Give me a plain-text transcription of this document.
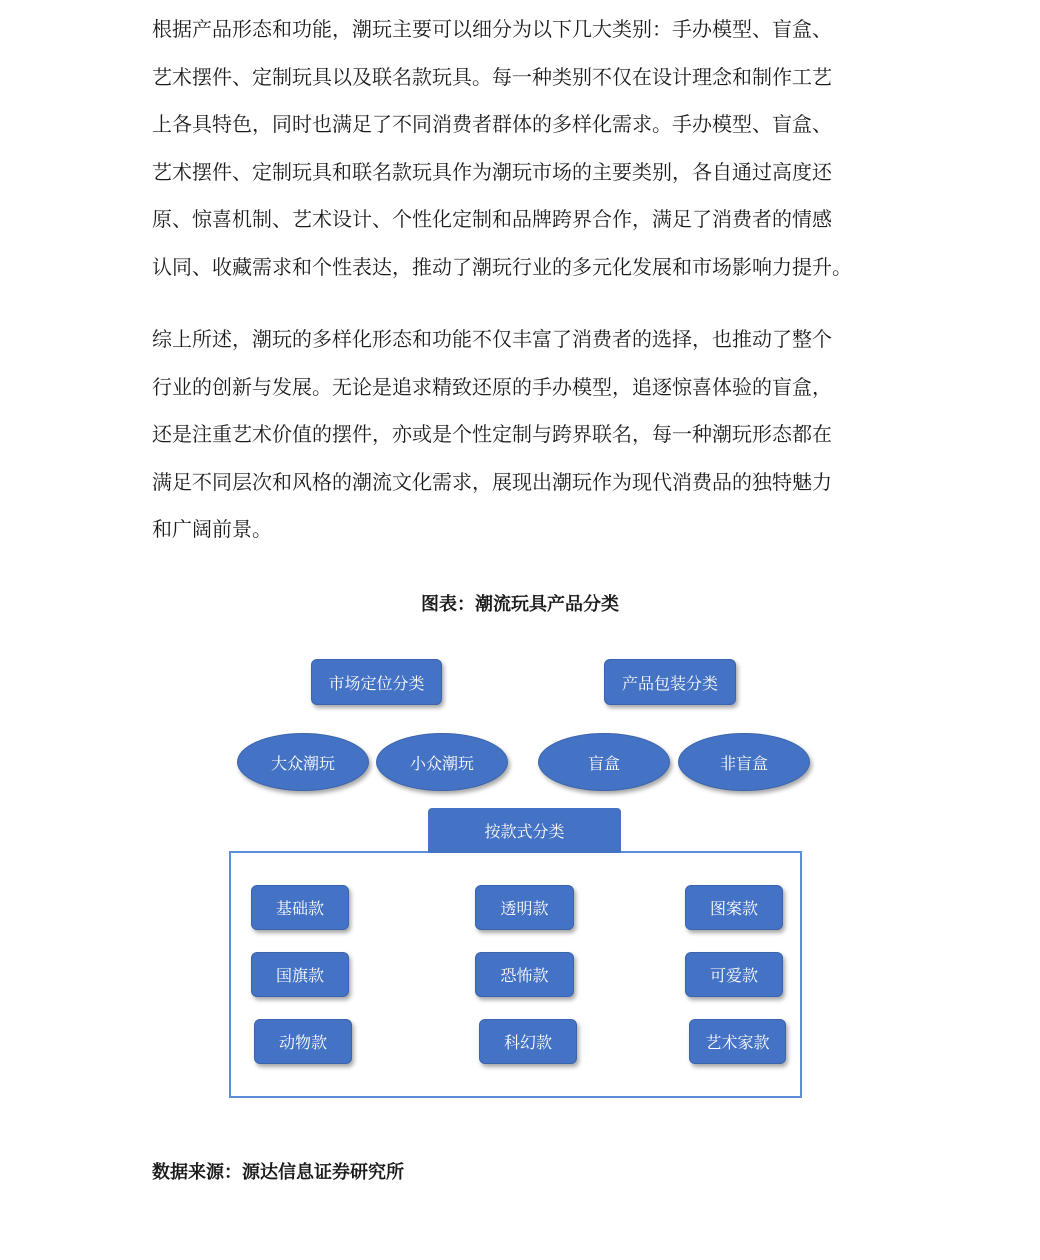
根据产品形态和功能，潮玩主要可以细分为以下几大类别：手办模型、盲盒、
艺术摆件、定制玩具以及联名款玩具。每一种类别不仅在设计理念和制作工艺
上各具特色，同时也满足了不同消费者群体的多样化需求。手办模型、盲盒、
艺术摆件、定制玩具和联名款玩具作为潮玩市场的主要类别，各自通过高度还
原、惊喜机制、艺术设计、个性化定制和品牌跨界合作，满足了消费者的情感
认同、收藏需求和个性表达，推动了潮玩行业的多元化发展和市场影响力提升。
综上所述，潮玩的多样化形态和功能不仅丰富了消费者的选择，也推动了整个
行业的创新与发展。无论是追求精致还原的手办模型，追逐惊喜体验的盲盒，
还是注重艺术价值的摆件，亦或是个性定制与跨界联名，每一种潮玩形态都在
满足不同层次和风格的潮流文化需求，展现出潮玩作为现代消费品的独特魅力
和广阔前景。
图表：潮流玩具产品分类
市场定位分类	产品包装分类
大众潮玩	小众潮玩	盲盒	非盲盒
按款式分类
基础款	透明款	图案款
国旗款	恐怖款	可爱款
动物款	科幻款	艺术家款
数据来源：源达信息证券研究所
